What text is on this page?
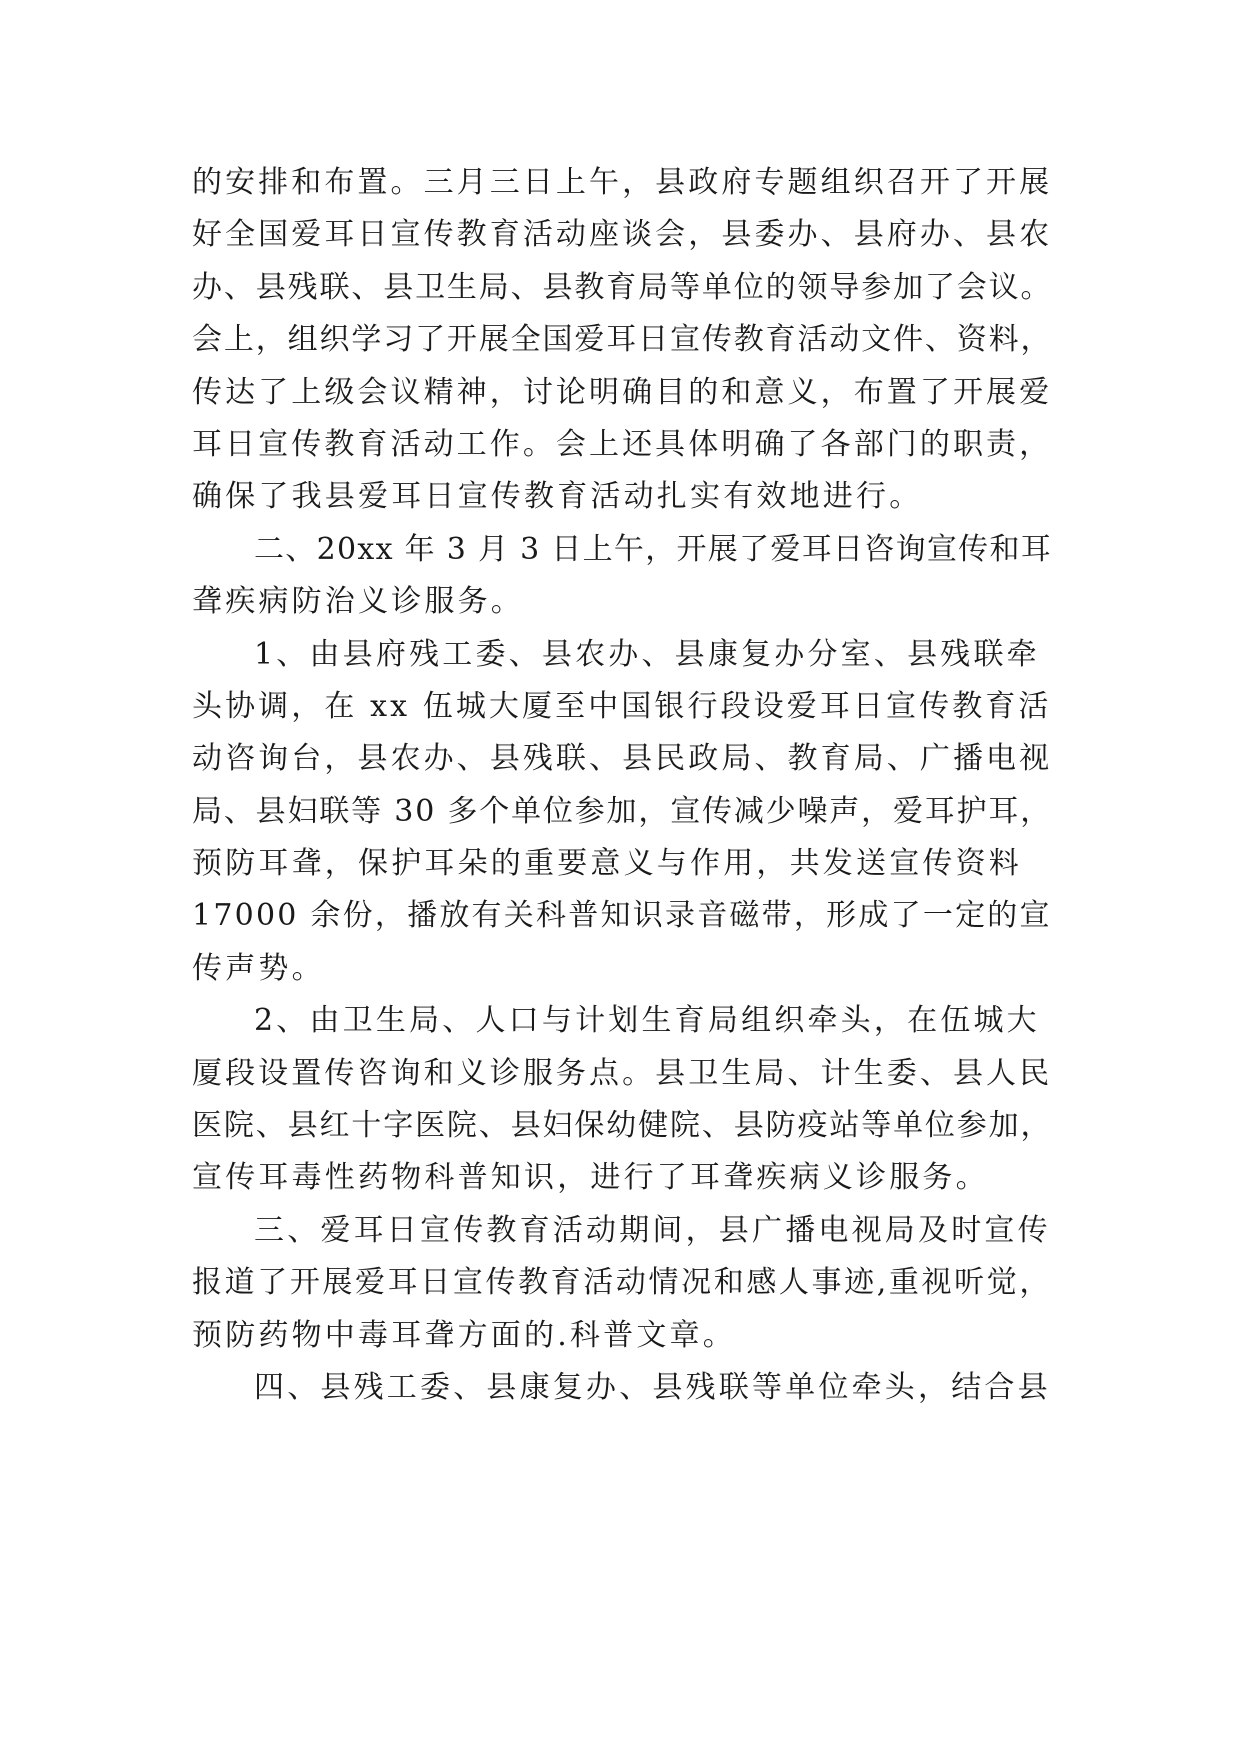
的安排和布置。三月三日上午，县政府专题组织召开了开展
好全国爱耳日宣传教育活动座谈会，县委办、县府办、县农
办、县残联、县卫生局、县教育局等单位的领导参加了会议。
会上，组织学习了开展全国爱耳日宣传教育活动文件、资料，
传达了上级会议精神，讨论明确目的和意义，布置了开展爱
耳日宣传教育活动工作。会上还具体明确了各部门的职责，
确保了我县爱耳日宣传教育活动扎实有效地进行。
二、20xx 年 3 月 3 日上午，开展了爱耳日咨询宣传和耳
聋疾病防治义诊服务。
1、由县府残工委、县农办、县康复办分室、县残联牵
头协调，在 xx 伍城大厦至中国银行段设爱耳日宣传教育活
动咨询台，县农办、县残联、县民政局、教育局、广播电视
局、县妇联等 30 多个单位参加，宣传减少噪声，爱耳护耳，
预防耳聋，保护耳朵的重要意义与作用，共发送宣传资料
17000 余份，播放有关科普知识录音磁带，形成了一定的宣
传声势。
2、由卫生局、人口与计划生育局组织牵头，在伍城大
厦段设置传咨询和义诊服务点。县卫生局、计生委、县人民
医院、县红十字医院、县妇保幼健院、县防疫站等单位参加，
宣传耳毒性药物科普知识，进行了耳聋疾病义诊服务。
三、爱耳日宣传教育活动期间，县广播电视局及时宣传
报道了开展爱耳日宣传教育活动情况和感人事迹,重视听觉，
预防药物中毒耳聋方面的.科普文章。
四、县残工委、县康复办、县残联等单位牵头，结合县
